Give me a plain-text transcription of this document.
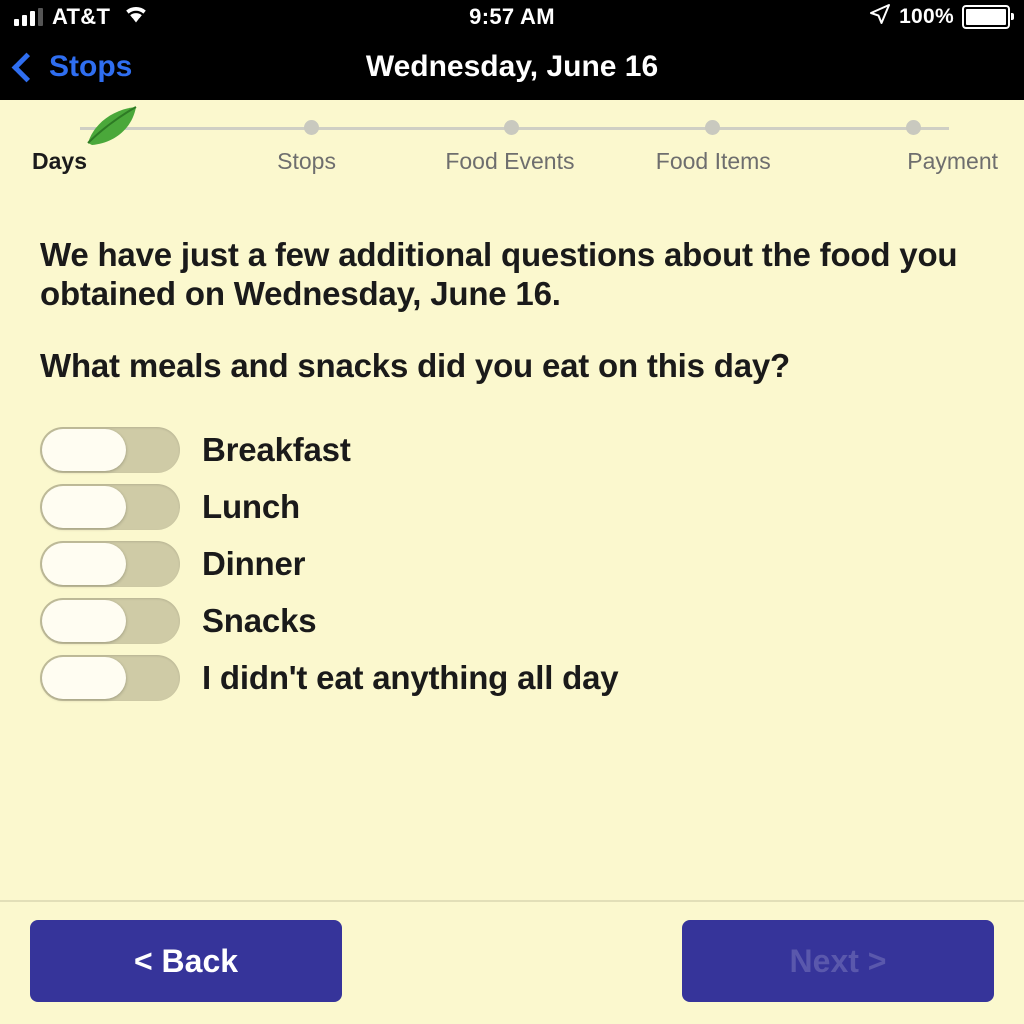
AT&T	9:57 AM	100%
Stops	Wednesday, June 16
Days	Stops	Food Events	Food Items	Payment

We have just a few additional questions about the food you obtained on Wednesday, June 16.

What meals and snacks did you eat on this day?

Breakfast
Lunch
Dinner
Snacks
I didn't eat anything all day
< Back	Next >
